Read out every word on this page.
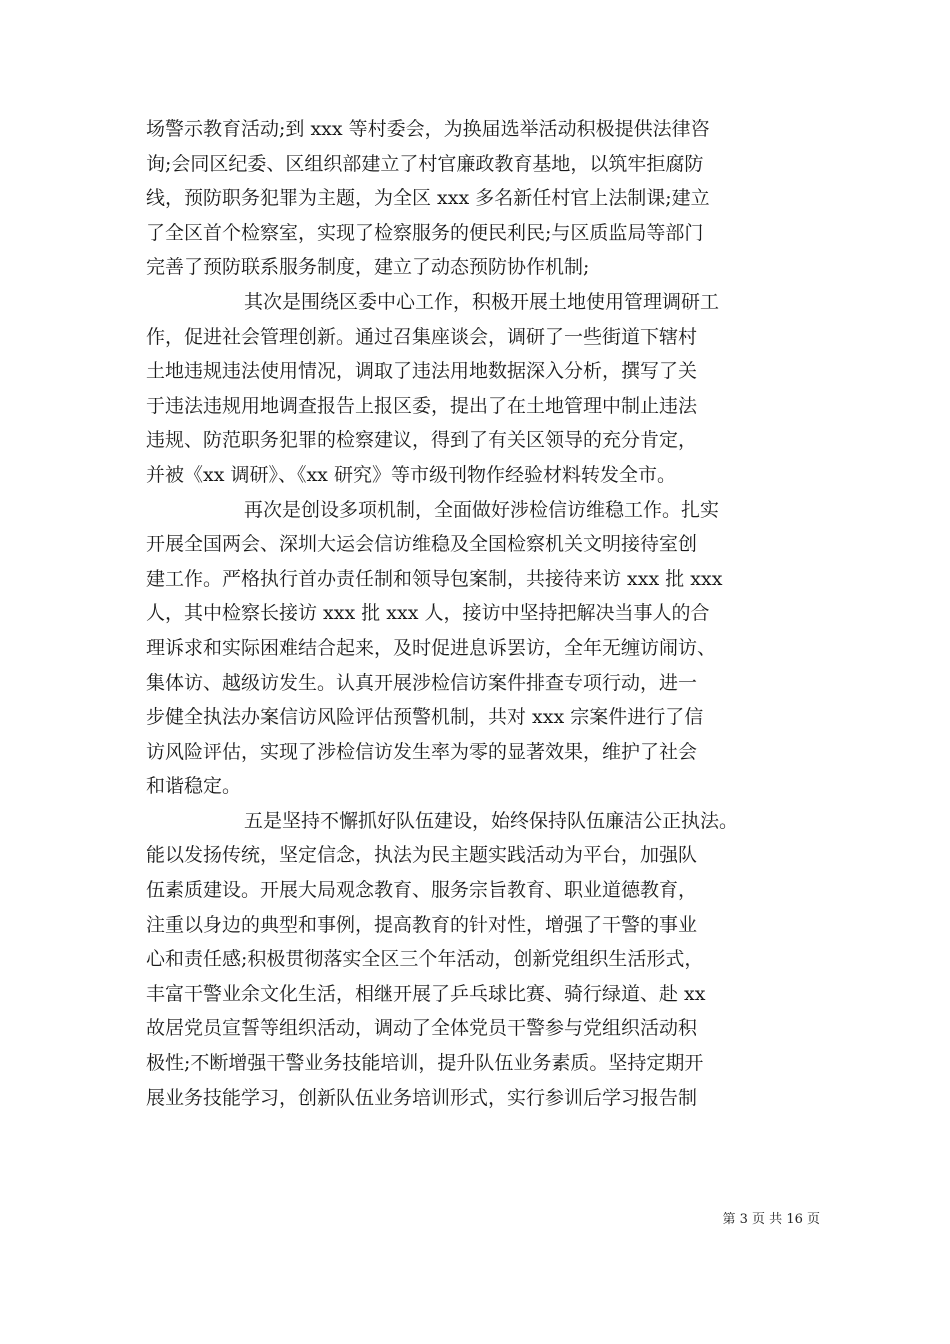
场警示教育活动;到 xxx 等村委会，为换届选举活动积极提供法律咨
询;会同区纪委、区组织部建立了村官廉政教育基地，以筑牢拒腐防
线，预防职务犯罪为主题，为全区 xxx 多名新任村官上法制课;建立
了全区首个检察室，实现了检察服务的便民利民;与区质监局等部门
完善了预防联系服务制度，建立了动态预防协作机制;
其次是围绕区委中心工作，积极开展土地使用管理调研工
作，促进社会管理创新。通过召集座谈会，调研了一些街道下辖村
土地违规违法使用情况，调取了违法用地数据深入分析，撰写了关
于违法违规用地调查报告上报区委，提出了在土地管理中制止违法
违规、防范职务犯罪的检察建议，得到了有关区领导的充分肯定，
并被《xx 调研》、《xx 研究》等市级刊物作经验材料转发全市。
再次是创设多项机制，全面做好涉检信访维稳工作。扎实
开展全国两会、深圳大运会信访维稳及全国检察机关文明接待室创
建工作。严格执行首办责任制和领导包案制，共接待来访 xxx 批 xxx
人，其中检察长接访 xxx 批 xxx 人，接访中坚持把解决当事人的合
理诉求和实际困难结合起来，及时促进息诉罢访，全年无缠访闹访、
集体访、越级访发生。认真开展涉检信访案件排查专项行动，进一
步健全执法办案信访风险评估预警机制，共对 xxx 宗案件进行了信
访风险评估，实现了涉检信访发生率为零的显著效果，维护了社会
和谐稳定。
五是坚持不懈抓好队伍建设，始终保持队伍廉洁公正执法。
能以发扬传统，坚定信念，执法为民主题实践活动为平台，加强队
伍素质建设。开展大局观念教育、服务宗旨教育、职业道德教育，
注重以身边的典型和事例，提高教育的针对性，增强了干警的事业
心和责任感;积极贯彻落实全区三个年活动，创新党组织生活形式，
丰富干警业余文化生活，相继开展了乒乓球比赛、骑行绿道、赴 xx
故居党员宣誓等组织活动，调动了全体党员干警参与党组织活动积
极性;不断增强干警业务技能培训，提升队伍业务素质。坚持定期开
展业务技能学习，创新队伍业务培训形式，实行参训后学习报告制
第 3 页 共 16 页
